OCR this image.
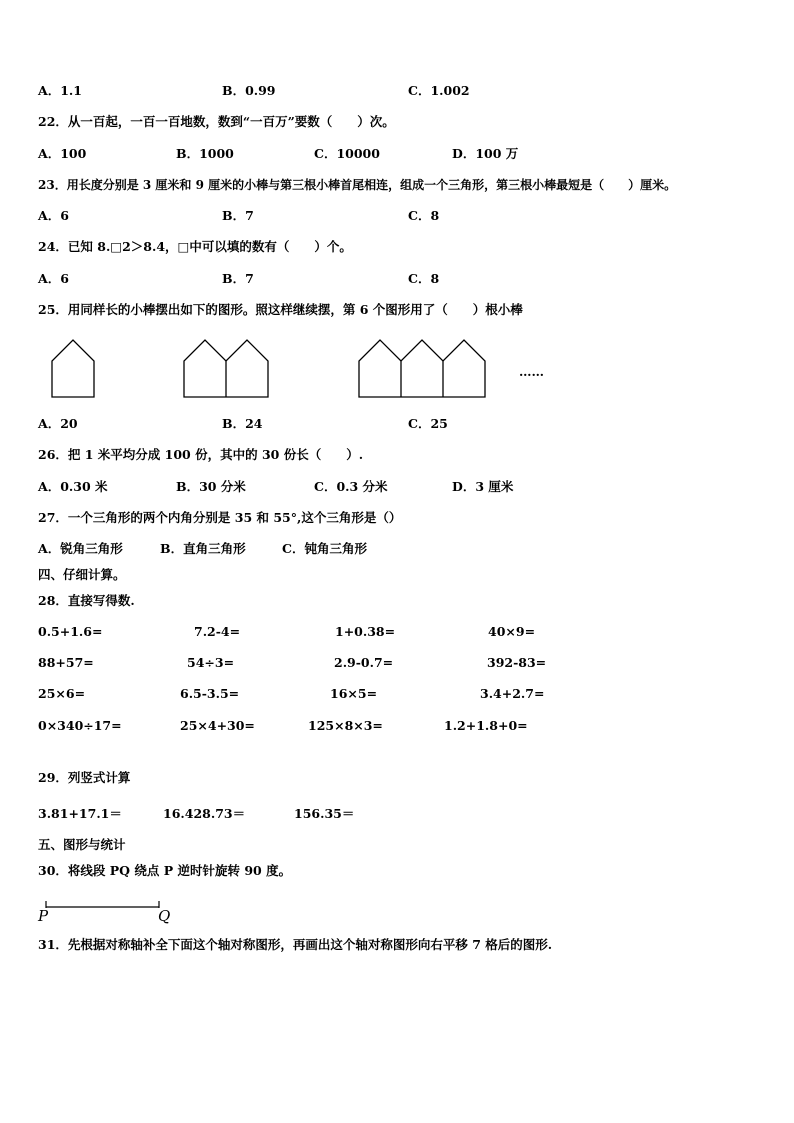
A．1.1	B．0.99	C．1.002
22．从一百起，一百一百地数，数到“一百万”要数（　　）次。
A．100	B．1000	C．10000	D．100 万
23．用长度分别是 3 厘米和 9 厘米的小棒与第三根小棒首尾相连，组成一个三角形，第三根小棒最短是（　　）厘米。
A．6	B．7	C．8
24．已知 8.□2＞8.4，□中可以填的数有（　　）个。
A．6	B．7	C．8
25．用同样长的小棒摆出如下的图形。照这样继续摆，第 6 个图形用了（　　）根小棒
……
A．20	B．24	C．25
26．把 1 米平均分成 100 份，其中的 30 份长（　　）.
A．0.30 米	B．30 分米	C．0.3 分米	D．3 厘米
27．一个三角形的两个内角分别是 35 和 55°,这个三角形是（）
A．锐角三角形	B．直角三角形	C．钝角三角形
四、仔细计算。
28．直接写得数.
0.5+1.6=	7.2-4=	1+0.38=	40×9=
88+57=	54÷3=	2.9-0.7=	392-83=
25×6=	6.5-3.5=	16×5=	3.4+2.7=
0×340÷17=	25×4+30=	125×8×3=	1.2+1.8+0=
29．列竖式计算
3.81+17.1＝	16.428.73＝	156.35＝
五、图形与统计
30．将线段 PQ 绕点 P 逆时针旋转 90 度。
P	Q
31．先根据对称轴补全下面这个轴对称图形，再画出这个轴对称图形向右平移 7 格后的图形.
